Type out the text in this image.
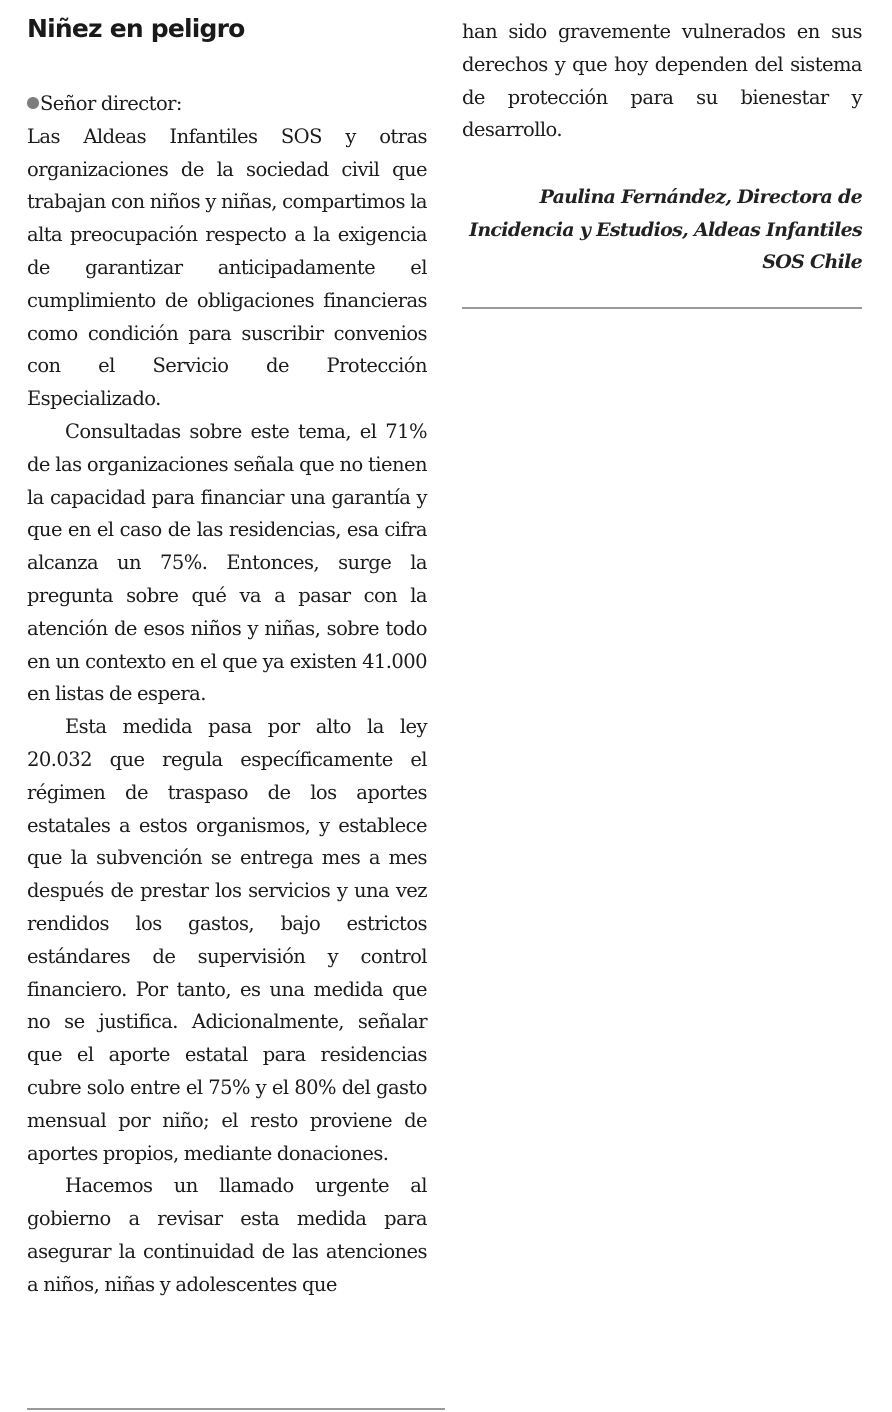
Niñez en peligro

Señor director:
Las Aldeas Infantiles SOS y otras organizaciones de la sociedad civil que trabajan con niños y niñas, compartimos la alta preocupación respecto a la exigencia de garantizar anticipadamente el cumplimiento de obligaciones financieras como condición para suscribir convenios con el Servicio de Protección Especializado.

Consultadas sobre este tema, el 71% de las organizaciones señala que no tienen la capacidad para financiar una garantía y que en el caso de las residencias, esa cifra alcanza un 75%. Entonces, surge la pregunta sobre qué va a pasar con la atención de esos niños y niñas, sobre todo en un contexto en el que ya existen 41.000 en listas de espera.

Esta medida pasa por alto la ley 20.032 que regula específicamente el régimen de traspaso de los aportes estatales a estos organismos, y establece que la subvención se entrega mes a mes después de prestar los servicios y una vez rendidos los gastos, bajo estrictos estándares de supervisión y control financiero. Por tanto, es una medida que no se justifica. Adicionalmente, señalar que el aporte estatal para residencias cubre solo entre el 75% y el 80% del gasto mensual por niño; el resto proviene de aportes propios, mediante donaciones.

Hacemos un llamado urgente al gobierno a revisar esta medida para asegurar la continuidad de las atenciones a niños, niñas y adolescentes que

han sido gravemente vulnerados en sus derechos y que hoy dependen del sistema de protección para su bienestar y desarrollo.

Paulina Fernández, Directora de Incidencia y Estudios, Aldeas Infantiles SOS Chile
